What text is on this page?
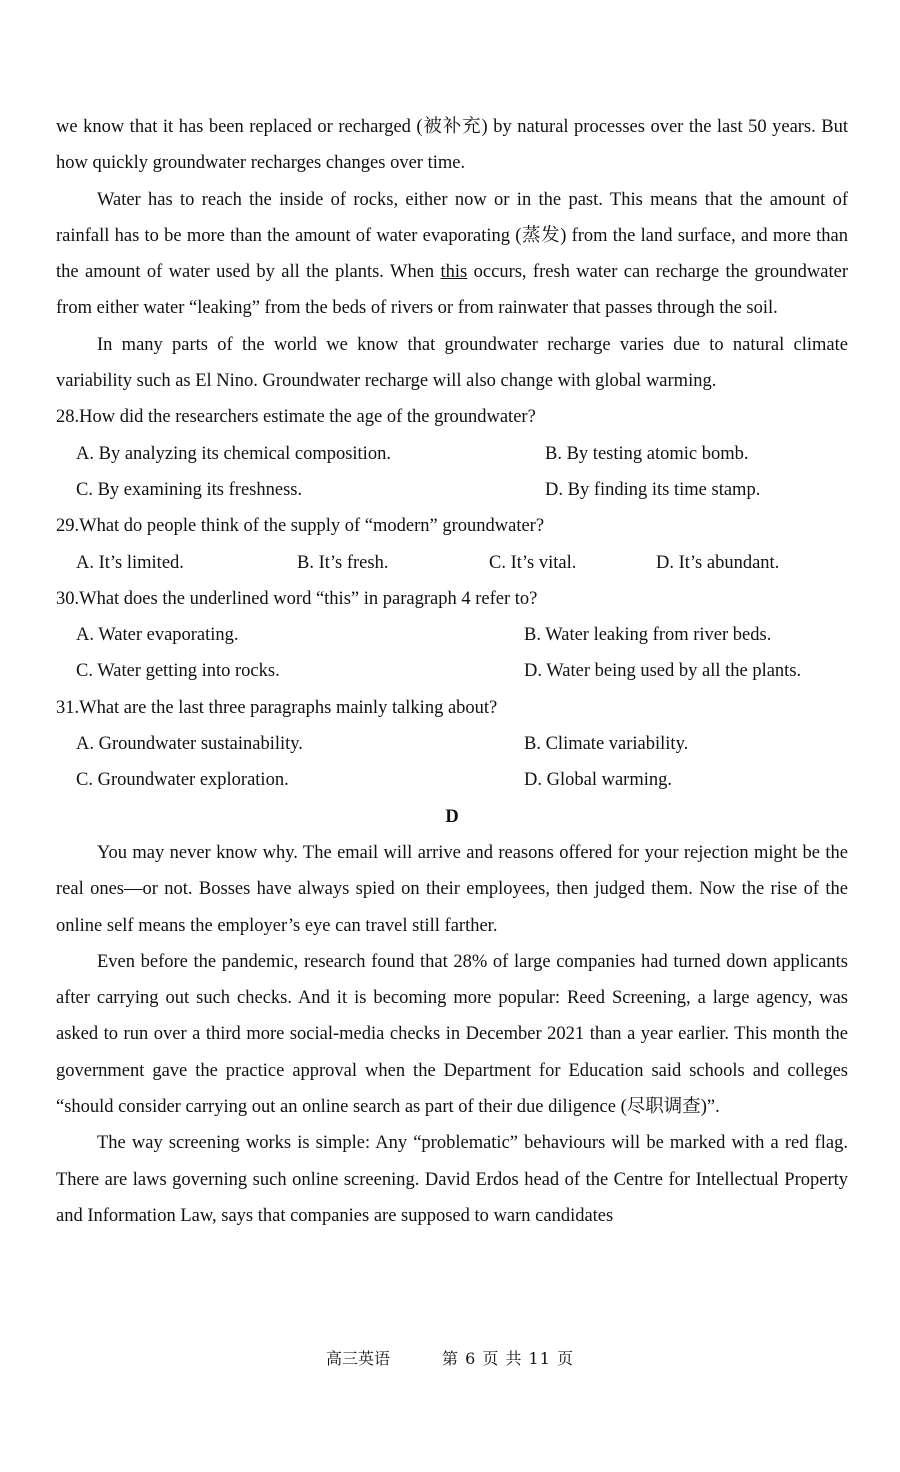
we know that it has been replaced or recharged (被补充) by natural processes over the last 50 years. But how quickly groundwater recharges changes over time.

Water has to reach the inside of rocks, either now or in the past. This means that the amount of rainfall has to be more than the amount of water evaporating (蒸发) from the land surface, and more than the amount of water used by all the plants. When this occurs, fresh water can recharge the groundwater from either water “leaking” from the beds of rivers or from rainwater that passes through the soil.

In many parts of the world we know that groundwater recharge varies due to natural climate variability such as El Nino. Groundwater recharge will also change with global warming.

28.How did the researchers estimate the age of the groundwater?

A. By analyzing its chemical composition.	B. By testing atomic bomb.
C. By examining its freshness.	D. By finding its time stamp.

29.What do people think of the supply of “modern” groundwater?

A. It’s limited.	B. It’s fresh.	C. It’s vital.	D. It’s abundant.

30.What does the underlined word “this” in paragraph 4 refer to?

A. Water evaporating.	B. Water leaking from river beds.
C. Water getting into rocks.	D. Water being used by all the plants.

31.What are the last three paragraphs mainly talking about?

A. Groundwater sustainability.	B. Climate variability.
C. Groundwater exploration.	D. Global warming.

D

You may never know why. The email will arrive and reasons offered for your rejection might be the real ones—or not. Bosses have always spied on their employees, then judged them. Now the rise of the online self means the employer’s eye can travel still farther.

Even before the pandemic, research found that 28% of large companies had turned down applicants after carrying out such checks. And it is becoming more popular: Reed Screening, a large agency, was asked to run over a third more social-media checks in December 2021 than a year earlier. This month the government gave the practice approval when the Department for Education said schools and colleges “should consider carrying out an online search as part of their due diligence (尽职调查)”.

The way screening works is simple: Any “problematic” behaviours will be marked with a red flag. There are laws governing such online screening. David Erdos head of the Centre for Intellectual Property and Information Law, says that companies are supposed to warn candidates

高三英语	第 6 页 共 11 页
